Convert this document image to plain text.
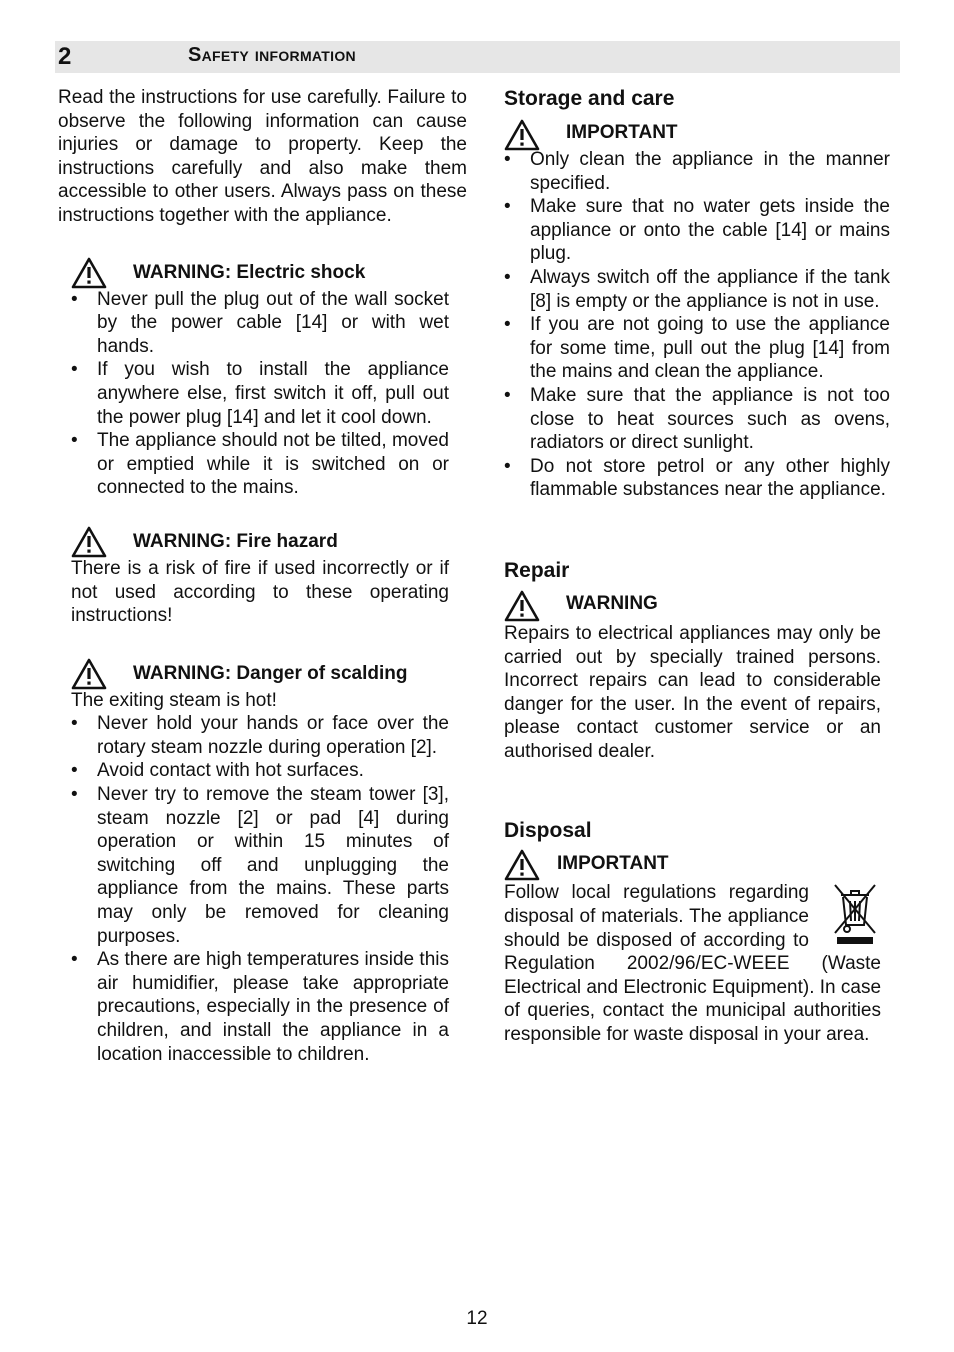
2	Safety information

Read the instructions for use carefully. Failure to observe the following information can cause injuries or damage to property. Keep the instructions carefully and also make them accessible to other users. Always pass on these instructions together with the appliance.

WARNING: Electric shock
• Never pull the plug out of the wall socket by the power cable [14] or with wet hands.
• If you wish to install the appliance anywhere else, first switch it off, pull out the power plug [14] and let it cool down.
• The appliance should not be tilted, moved or emptied while it is switched on or connected to the mains.
WARNING: Fire hazard

There is a risk of fire if used incorrectly or if not used according to these operating instructions!

WARNING: Danger of scalding

The exiting steam is hot!

• Never hold your hands or face over the rotary steam nozzle during operation [2].
• Avoid contact with hot surfaces.
• Never try to remove the steam tower [3], steam nozzle [2] or pad [4] during operation or within 15 minutes of switching off and unplugging the appliance from the mains. These parts may only be removed for cleaning purposes.
• As there are high temperatures inside this air humidifier, please take appropriate precautions, especially in the presence of children, and install the appliance in a location inaccessible to children.
Storage and care
IMPORTANT
• Only clean the appliance in the manner specified.
• Make sure that no water gets inside the appliance or onto the cable [14] or mains plug.
• Always switch off the appliance if the tank [8] is empty or the appliance is not in use.
• If you are not going to use the appliance for some time, pull out the plug [14] from the mains and clean the appliance.
• Make sure that the appliance is not too close to heat sources such as ovens, radiators or direct sunlight.
• Do not store petrol or any other highly flammable substances near the appliance.
Repair
WARNING

Repairs to electrical appliances may only be carried out by specially trained persons. Incorrect repairs can lead to considerable danger for the user. In the event of repairs, please contact customer service or an authorised dealer.

Disposal
IMPORTANT

Follow local regulations regarding disposal of materials. The appliance should be disposed of according to Regulation 2002/96/EC-WEEE (Waste Electrical and Electronic Equipment). In case of queries, contact the municipal authorities responsible for waste disposal in your area.

12
